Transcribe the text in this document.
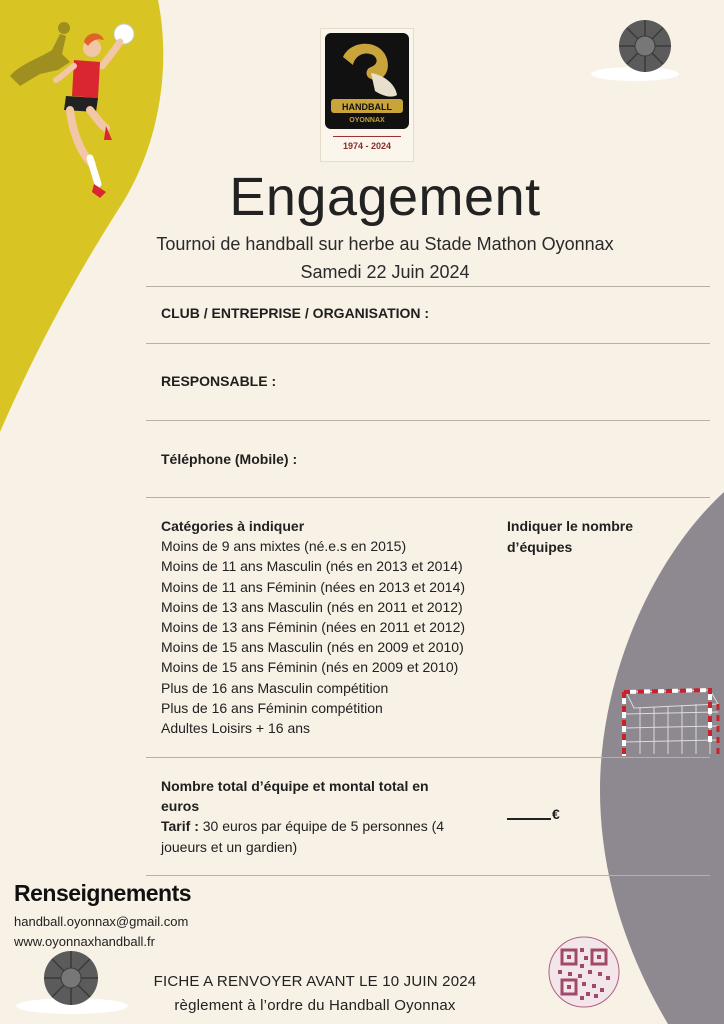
HANDBALL
OYONNAX
1974 - 2024
Engagement
Tournoi de handball sur herbe au Stade Mathon Oyonnax
Samedi 22 Juin 2024
CLUB / ENTREPRISE / ORGANISATION :
RESPONSABLE :
Téléphone (Mobile) :
Catégories à indiquer
Moins de 9 ans mixtes (né.e.s en 2015)
Moins de 11 ans Masculin (nés en 2013 et 2014)
Moins de 11 ans Féminin (nées en 2013 et 2014)
Moins de 13 ans Masculin (nés en 2011 et 2012)
Moins de 13 ans Féminin (nées en 2011 et 2012)
Moins de 15 ans Masculin (nés en 2009 et 2010)
Moins de 15 ans Féminin (nés en 2009 et 2010)
Plus de 16 ans Masculin compétition
Plus de 16 ans Féminin compétition
Adultes Loisirs + 16 ans
Indiquer le nombre
d’équipes
Nombre total d’équipe et montal total en euros
Tarif : 30 euros par équipe de 5 personnes (4 joueurs et un gardien)
€
Renseignements
handball.oyonnax@gmail.com
www.oyonnaxhandball.fr
FICHE A RENVOYER AVANT LE 10 JUIN 2024
règlement à l’ordre du Handball Oyonnax
